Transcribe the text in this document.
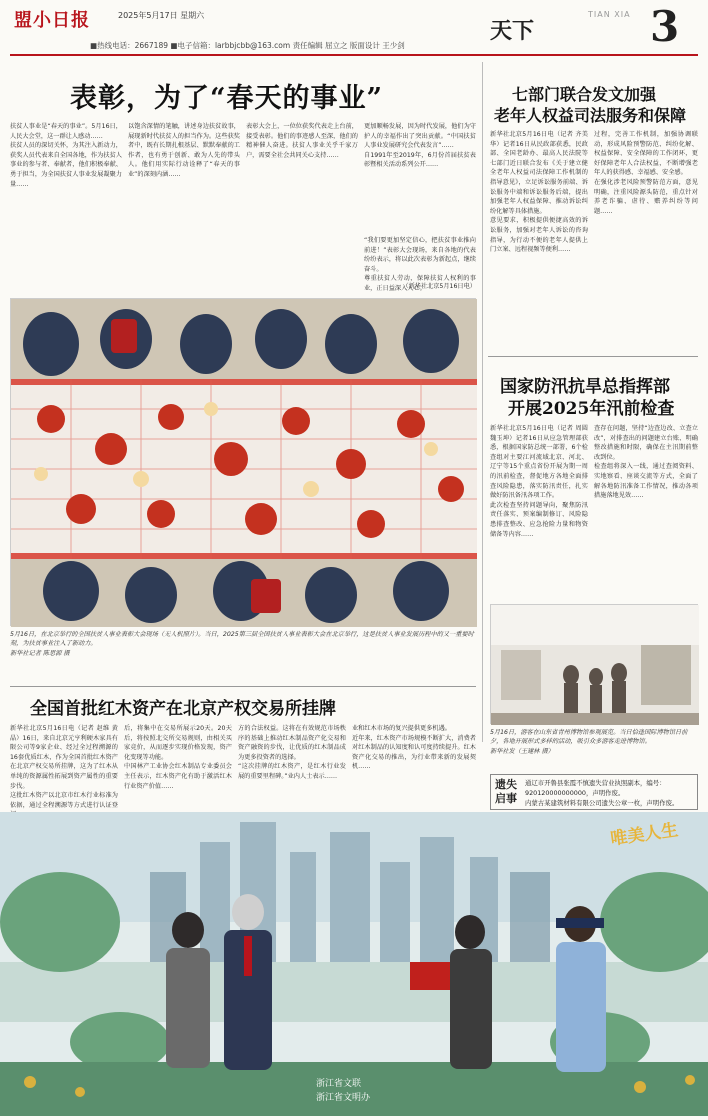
盟小日报	2025年5月17日 星期六
天下
TIAN XIA 3
■热线电话：2667189 ■电子信箱：larbbjcbb@163.com 责任编辑 屈立之 版面设计 王少剑
表彰，为了“春天的事业”
扶贫人事业是“春天的事业”。5月16日，人民大会堂，这一群让人感动……
扶贫人员的深切关怀，为其注入新动力，获奖人员代表来自全国各地，作为扶贫人事业的参与者、奉献者，他们积极奉献、勇于担当，为全国扶贫人事业发展凝聚力量……
以饱含深情的笔触，讲述身边扶贫故事，展现新时代扶贫人的担当作为。这些获奖者中，既有长期扎根基层、默默奉献的工作者，也有勇于创新、敢为人先的带头人。他们用实际行动诠释了“春天的事业”的深刻内涵……
表彰大会上，一位位获奖代表走上台前，接受表彰。他们的事迹感人至深，他们的精神催人奋进。扶贫人事业关乎千家万户，需要全社会共同关心支持……
更加顺畅发展，因为时代发展，他们为守护人的幸福作出了突出贡献。“中国扶贫人事业发展研究会代表发言”……
自1991年至2019年，6月份首届扶贫表彰暨相关活动系列公开……
“我们要更加坚定信心，把扶贫事业推向前进！”表彰大会现场，来自各地的代表纷纷表示，将以此次表彰为新起点，继续奋斗。
尊重扶贫人劳动，保障扶贫人权利的事业，正日益深入人心。
（新华社北京5月16日电）
5月16日，在北京举行的全国扶贫人事业表彰大会现场（无人机照片）。当日，2025第三届全国扶贫人事业表彰大会在北京举行，这是扶贫人事业发展历程中的又一重要时刻，为扶贫事业注入了新动力。
新华社记者 陈思源 摄
七部门联合发文加强
老年人权益司法服务和保障
新华社北京5月16日电（记者 齐美华）记者16日从民政部获悉，民政部、全国老龄办、最高人民法院等七部门近日联合发布《关于建立健全老年人权益司法保障工作机制的指导意见》，立足诉讼服务前端、诉讼服务中端和诉讼服务后端，提出加强老年人权益保障、推动诉讼纠纷化解等具体措施。
意见要求，积极提供便捷高效的诉讼服务，加强对老年人诉讼的咨询指导，为行动不便的老年人提供上门立案、远程视频等便利……
过程，完善工作机制，加强协调联动，形成风险预警防范、纠纷化解、权益保障、安全保障的工作闭环，更好保障老年人合法权益，不断增强老年人的获得感、幸福感、安全感。
在强化涉老风险预警防范方面，意见明确，注重风险源头防范，重点针对养老诈骗、虐待、赡养纠纷等问题……
国家防汛抗旱总指挥部
开展2025年汛前检查
新华社北京5月16日电（记者 周圆 魏玉坤）记者16日从应急管理部获悉，根据国家防总统一部署，6个检查组对主要江河流域北京、河北、辽宁等15个重点省份开展为期一周的汛前检查，督促地方各地全面排查风险隐患，落实防汛责任，扎实做好防汛备汛各项工作。
此次检查坚持问题导向，聚焦防汛责任落实、预案编制修订、风险隐患排查整改、应急抢险力量和物资储备等内容……
查存在问题，坚持“边查边改、立查立改”，对排查出的问题建立台账、明确整改措施和时限，确保在主汛期前整改到位。
检查组将深入一线，通过查阅资料、实地察看、座谈交流等方式，全面了解各地防汛准备工作情况，推动各项措施落地见效……
5月16日，游客在山东省青州博物馆参观展览。当日恰逢国际博物馆日前夕，各地开展形式多样的活动，吸引众多游客走进博物馆。
新华社发（王建林 摄）
全国首批红木资产在北京产权交易所挂牌
新华社北京5月16日电（记者 赵维 黄晶）16日，来自北京元亨利硬木家具有限公司等9家企业、经过全过程溯源的16套优质红木，作为全国首批红木资产在北京产权交易所挂牌，这为了红木从单纯的资源属性拓展到资产属性的重要步伐。
这批红木资产以北京市红木行业标准为依据，通过全程溯源等方式进行认证登
后，将集中在交易所展示20天。20天后，将按照北交所交易规则，由相关买家竞价，从而逐步实现价格发现，资产化变现等功能。
中国林产工业协会红木制品专业委员会主任表示，红木资产化有助于激活红木行业资产价值……
方的合法权益。这将在有效规范市场秩序的基础上推动红木制品资产化交易和资产融资的步伐，让优质的红木制品成为更多投资者的选择。
“这次挂牌的红木资产，是红木行业发展的重要里程碑。”业内人士表示……
业和红木市场的复兴提供更多机遇。
近年来，红木资产市场规模不断扩大，消费者对红木制品的认知度和认可度持续提升。红木资产化交易的推出，为行业带来新的发展契机……
遗失
启事
通辽市开鲁县张霞不慎遗失营业执照副本，编号：920120000000000，声明作废。
内蒙古某建筑材料有限公司遗失公章一枚，声明作废。
唯美人生
浙江省文联
浙江省文明办
